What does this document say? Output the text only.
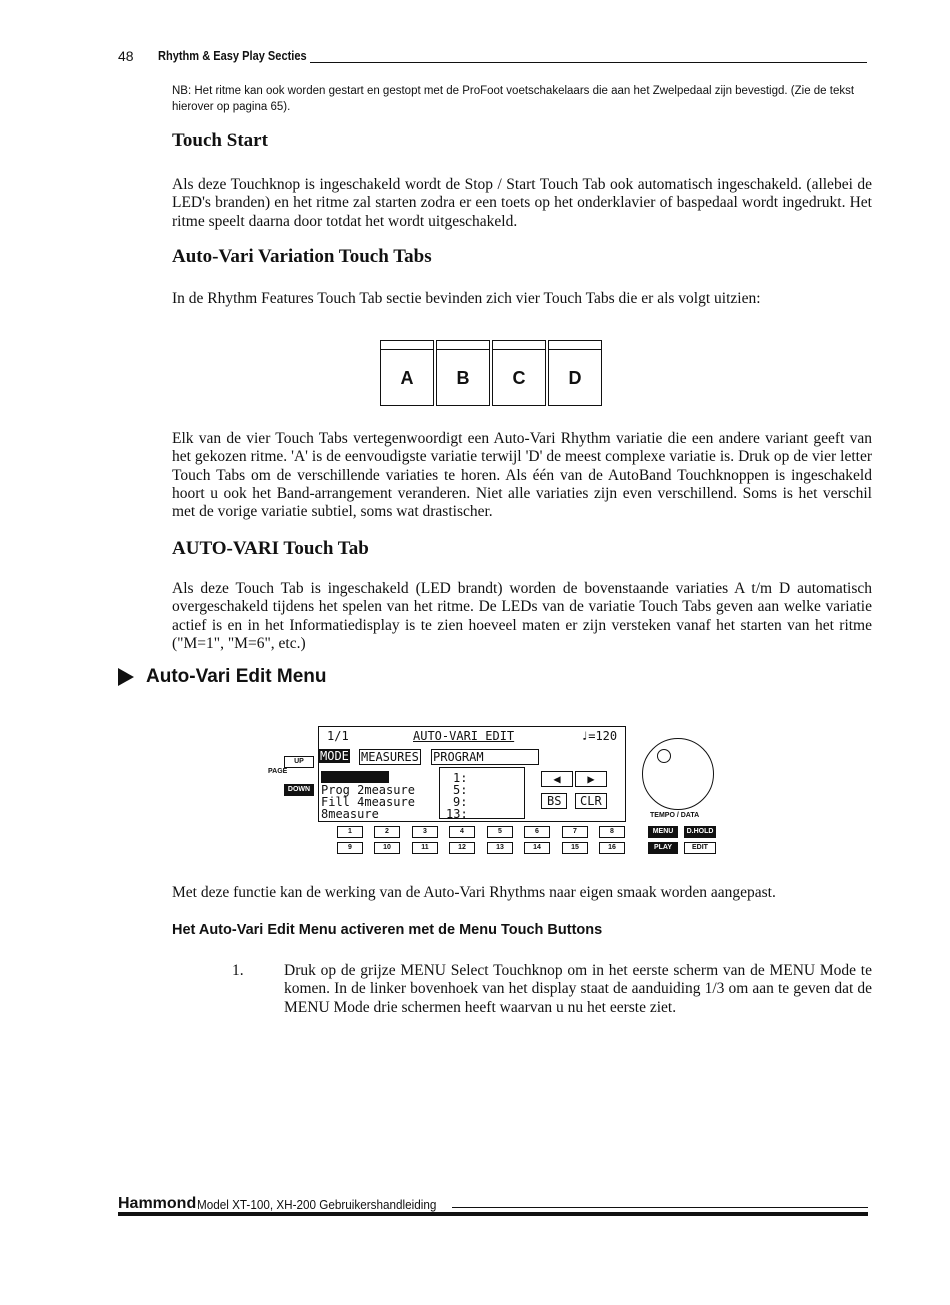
48 Rhythm & Easy Play Secties
NB: Het ritme kan ook worden gestart en gestopt met de ProFoot voetschakelaars die aan het Zwelpedaal zijn bevestigd. (Zie de tekst hierover op pagina 65).
Touch Start
Als deze Touchknop is ingeschakeld wordt de Stop / Start Touch Tab ook automatisch ingeschakeld. (allebei de LED's branden) en het ritme zal starten zodra er een toets op het onderklavier of baspedaal wordt ingedrukt. Het ritme speelt daarna door totdat het wordt uitgeschakeld.
Auto-Vari Variation Touch Tabs
In de Rhythm Features Touch Tab sectie bevinden zich vier Touch Tabs die er als volgt uitzien:
A B C D
Elk van de vier Touch Tabs vertegenwoordigt een Auto-Vari Rhythm variatie die een andere variant geeft van het gekozen ritme. 'A' is de eenvoudigste variatie terwijl 'D' de meest complexe variatie is. Druk op de vier letter Touch Tabs om de verschillende variaties te horen. Als één van de AutoBand Touchknoppen is ingeschakeld hoort u ook het Band-arrangement veranderen. Niet alle variaties zijn even verschillend. Soms is het verschil met de vorige variatie subtiel, soms wat drastischer.
AUTO-VARI Touch Tab
Als deze Touch Tab is ingeschakeld (LED brandt) worden de bovenstaande variaties A t/m D automatisch overgeschakeld tijdens het spelen van het ritme. De LEDs van de variatie Touch Tabs geven aan welke variatie actief is en in het Informatiedisplay is te zien hoeveel maten er zijn versteken vanaf het starten van het ritme ("M=1", "M=6", etc.)
Auto-Vari Edit Menu
UP
PAGE
DOWN
1/1	AUTO-VARI EDIT	♩=120
MODE MEASURES PROGRAM
Prog 2measure
Fill 4measure
8measure
1:
5:
9:
13:
◀	▶
BS	CLR
TEMPO / DATA
1	2	3	4	5	6	7	8
9	10	11	12	13	14	15	16
MENU	D.HOLD
PLAY	EDIT
Met deze functie kan de werking van de Auto-Vari Rhythms naar eigen smaak worden aangepast.
Het Auto-Vari Edit Menu activeren met de Menu Touch Buttons
1.	Druk op de grijze MENU Select Touchknop om in het eerste scherm van de MENU Mode te komen. In de linker bovenhoek van het display staat de aanduiding 1/3 om aan te geven dat de MENU Mode drie schermen heeft waarvan u nu het eerste ziet.
Hammond Model XT-100, XH-200 Gebruikershandleiding
